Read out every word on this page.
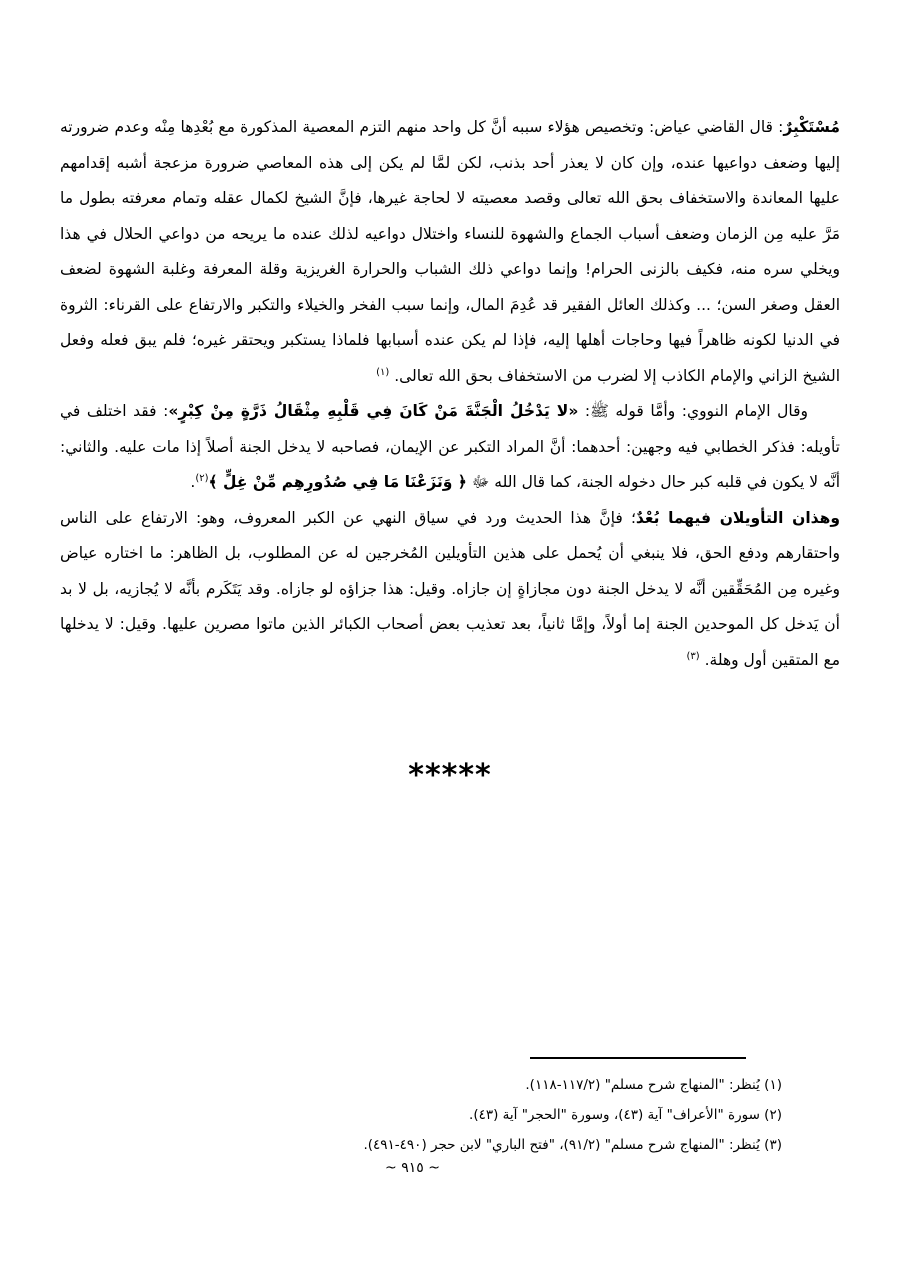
مُسْتَكْبِرٌ: قال القاضي عياض: وتخصيص هؤلاء سببه أنَّ كل واحد منهم التزم المعصية المذكورة مع بُعْدِها مِنْه وعدم ضرورته إليها وضعف دواعيها عنده، وإن كان لا يعذر أحد بذنب، لكن لمَّا لم يكن إلى هذه المعاصي ضرورة مزعجة أشبه إقدامهم عليها المعاندة والاستخفاف بحق الله تعالى وقصد معصيته لا لحاجة غيرها، فإنَّ الشيخ لكمال عقله وتمام معرفته بطول ما مَرَّ عليه مِن الزمان وضعف أسباب الجماع والشهوة للنساء واختلال دواعيه لذلك عنده ما يريحه من دواعي الحلال في هذا ويخلي سره منه، فكيف بالزنى الحرام! وإنما دواعي ذلك الشباب والحرارة الغريزية وقلة المعرفة وغلبة الشهوة لضعف العقل وصغر السن؛ ... وكذلك العائل الفقير قد عُدِمَ المال، وإنما سبب الفخر والخيلاء والتكبر والارتفاع على القرناء: الثروة في الدنيا لكونه ظاهراً فيها وحاجات أهلها إليه، فإذا لم يكن عنده أسبابها فلماذا يستكبر ويحتقر غيره؛ فلم يبق فعله وفعل الشيخ الزاني والإمام الكاذب إلا لضرب من الاستخفاف بحق الله تعالى. $^{(١)}$

وقال الإمام النووي: وأمَّا قوله ﷺ: «لا يَدْخُلُ الْجَنَّةَ مَنْ كَانَ فِي قَلْبِهِ مِثْقَالُ ذَرَّةٍ مِنْ كِبْرٍ»: فقد اختلف في تأويله: فذكر الخطابي فيه وجهين: أحدهما: أنَّ المراد التكبر عن الإيمان، فصاحبه لا يدخل الجنة أصلاً إذا مات عليه. والثاني: أنَّه لا يكون في قلبه كبر حال دخوله الجنة، كما قال الله ﷻ ﴿ وَنَزَعْنَا مَا فِي صُدُورِهِم مِّنْ غِلٍّ ﴾$^{(٢)}$.

وهذان التأويلان فيهما بُعْدٌ؛ فإنَّ هذا الحديث ورد في سياق النهي عن الكبر المعروف، وهو: الارتفاع على الناس واحتقارهم ودفع الحق، فلا ينبغي أن يُحمل على هذين التأويلين المُخرجين له عن المطلوب، بل الظاهر: ما اختاره عياض وغيره مِن المُحَقِّقين أنَّه لا يدخل الجنة دون مجازاةٍ إن جازاه. وقيل: هذا جزاؤه لو جازاه. وقد يَتَكَرم بأنَّه لا يُجازيه، بل لا بد أن يَدخل كل الموحدين الجنة إما أولاً، وإمَّا ثانياً، بعد تعذيب بعض أصحاب الكبائر الذين ماتوا مصرين عليها. وقيل: لا يدخلها مع المتقين أول وهلة. $^{(٣)}$

*****

(١) يُنظر: "المنهاج شرح مسلم" (١١٧/٢-١١٨).

(٢) سورة "الأعراف" آية (٤٣)، وسورة "الحجر" آية (٤٣).

(٣) يُنظر: "المنهاج شرح مسلم" (٩١/٢)، "فتح الباري" لابن حجر (٤٩٠-٤٩١).

~ ٩١٥ ~
